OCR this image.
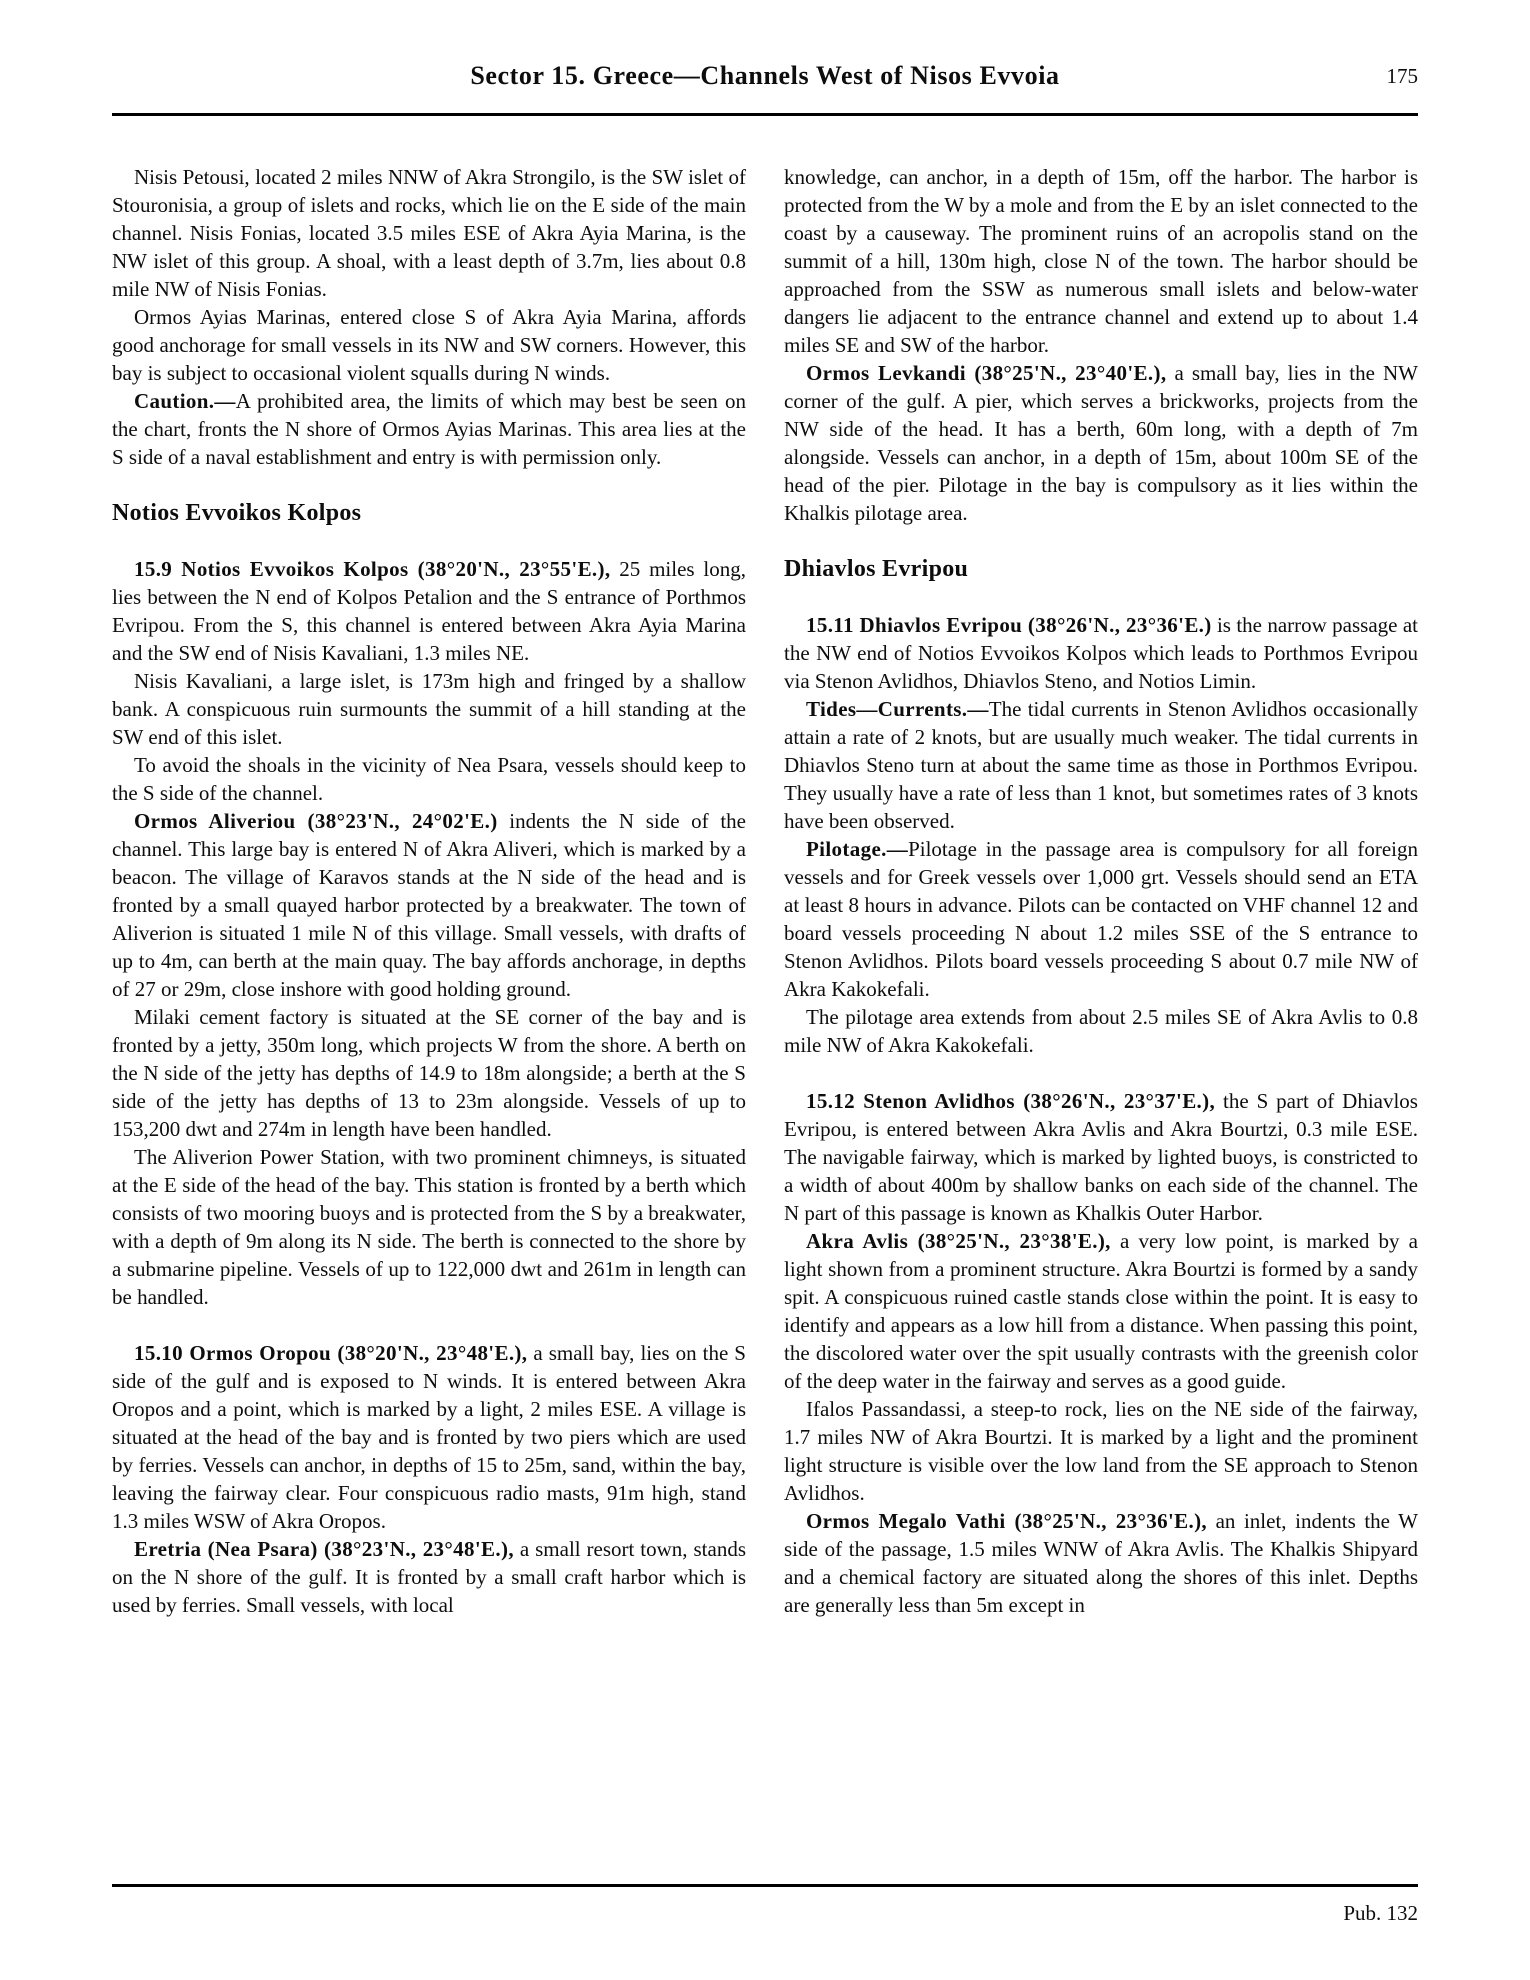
Sector 15. Greece—Channels West of Nisos Evvoia	175

Nisis Petousi, located 2 miles NNW of Akra Strongilo, is the SW islet of Stouronisia, a group of islets and rocks, which lie on the E side of the main channel. Nisis Fonias, located 3.5 miles ESE of Akra Ayia Marina, is the NW islet of this group. A shoal, with a least depth of 3.7m, lies about 0.8 mile NW of Nisis Fonias.

Ormos Ayias Marinas, entered close S of Akra Ayia Marina, affords good anchorage for small vessels in its NW and SW corners. However, this bay is subject to occasional violent squalls during N winds.

Caution.—A prohibited area, the limits of which may best be seen on the chart, fronts the N shore of Ormos Ayias Marinas. This area lies at the S side of a naval establishment and entry is with permission only.

Notios Evvoikos Kolpos

15.9 Notios Evvoikos Kolpos (38°20'N., 23°55'E.), 25 miles long, lies between the N end of Kolpos Petalion and the S entrance of Porthmos Evripou. From the S, this channel is entered between Akra Ayia Marina and the SW end of Nisis Kavaliani, 1.3 miles NE.

Nisis Kavaliani, a large islet, is 173m high and fringed by a shallow bank. A conspicuous ruin surmounts the summit of a hill standing at the SW end of this islet.

To avoid the shoals in the vicinity of Nea Psara, vessels should keep to the S side of the channel.

Ormos Aliveriou (38°23'N., 24°02'E.) indents the N side of the channel. This large bay is entered N of Akra Aliveri, which is marked by a beacon. The village of Karavos stands at the N side of the head and is fronted by a small quayed harbor protected by a breakwater. The town of Aliverion is situated 1 mile N of this village. Small vessels, with drafts of up to 4m, can berth at the main quay. The bay affords anchorage, in depths of 27 or 29m, close inshore with good holding ground.

Milaki cement factory is situated at the SE corner of the bay and is fronted by a jetty, 350m long, which projects W from the shore. A berth on the N side of the jetty has depths of 14.9 to 18m alongside; a berth at the S side of the jetty has depths of 13 to 23m alongside. Vessels of up to 153,200 dwt and 274m in length have been handled.

The Aliverion Power Station, with two prominent chimneys, is situated at the E side of the head of the bay. This station is fronted by a berth which consists of two mooring buoys and is protected from the S by a breakwater, with a depth of 9m along its N side. The berth is connected to the shore by a submarine pipeline. Vessels of up to 122,000 dwt and 261m in length can be handled.

15.10 Ormos Oropou (38°20'N., 23°48'E.), a small bay, lies on the S side of the gulf and is exposed to N winds. It is entered between Akra Oropos and a point, which is marked by a light, 2 miles ESE. A village is situated at the head of the bay and is fronted by two piers which are used by ferries. Vessels can anchor, in depths of 15 to 25m, sand, within the bay, leaving the fairway clear. Four conspicuous radio masts, 91m high, stand 1.3 miles WSW of Akra Oropos.

Eretria (Nea Psara) (38°23'N., 23°48'E.), a small resort town, stands on the N shore of the gulf. It is fronted by a small craft harbor which is used by ferries. Small vessels, with local

knowledge, can anchor, in a depth of 15m, off the harbor. The harbor is protected from the W by a mole and from the E by an islet connected to the coast by a causeway. The prominent ruins of an acropolis stand on the summit of a hill, 130m high, close N of the town. The harbor should be approached from the SSW as numerous small islets and below-water dangers lie adjacent to the entrance channel and extend up to about 1.4 miles SE and SW of the harbor.

Ormos Levkandi (38°25'N., 23°40'E.), a small bay, lies in the NW corner of the gulf. A pier, which serves a brickworks, projects from the NW side of the head. It has a berth, 60m long, with a depth of 7m alongside. Vessels can anchor, in a depth of 15m, about 100m SE of the head of the pier. Pilotage in the bay is compulsory as it lies within the Khalkis pilotage area.

Dhiavlos Evripou

15.11 Dhiavlos Evripou (38°26'N., 23°36'E.) is the narrow passage at the NW end of Notios Evvoikos Kolpos which leads to Porthmos Evripou via Stenon Avlidhos, Dhiavlos Steno, and Notios Limin.

Tides—Currents.—The tidal currents in Stenon Avlidhos occasionally attain a rate of 2 knots, but are usually much weaker. The tidal currents in Dhiavlos Steno turn at about the same time as those in Porthmos Evripou. They usually have a rate of less than 1 knot, but sometimes rates of 3 knots have been observed.

Pilotage.—Pilotage in the passage area is compulsory for all foreign vessels and for Greek vessels over 1,000 grt. Vessels should send an ETA at least 8 hours in advance. Pilots can be contacted on VHF channel 12 and board vessels proceeding N about 1.2 miles SSE of the S entrance to Stenon Avlidhos. Pilots board vessels proceeding S about 0.7 mile NW of Akra Kakokefali.

The pilotage area extends from about 2.5 miles SE of Akra Avlis to 0.8 mile NW of Akra Kakokefali.

15.12 Stenon Avlidhos (38°26'N., 23°37'E.), the S part of Dhiavlos Evripou, is entered between Akra Avlis and Akra Bourtzi, 0.3 mile ESE. The navigable fairway, which is marked by lighted buoys, is constricted to a width of about 400m by shallow banks on each side of the channel. The N part of this passage is known as Khalkis Outer Harbor.

Akra Avlis (38°25'N., 23°38'E.), a very low point, is marked by a light shown from a prominent structure. Akra Bourtzi is formed by a sandy spit. A conspicuous ruined castle stands close within the point. It is easy to identify and appears as a low hill from a distance. When passing this point, the discolored water over the spit usually contrasts with the greenish color of the deep water in the fairway and serves as a good guide.

Ifalos Passandassi, a steep-to rock, lies on the NE side of the fairway, 1.7 miles NW of Akra Bourtzi. It is marked by a light and the prominent light structure is visible over the low land from the SE approach to Stenon Avlidhos.

Ormos Megalo Vathi (38°25'N., 23°36'E.), an inlet, indents the W side of the passage, 1.5 miles WNW of Akra Avlis. The Khalkis Shipyard and a chemical factory are situated along the shores of this inlet. Depths are generally less than 5m except in

Pub. 132
